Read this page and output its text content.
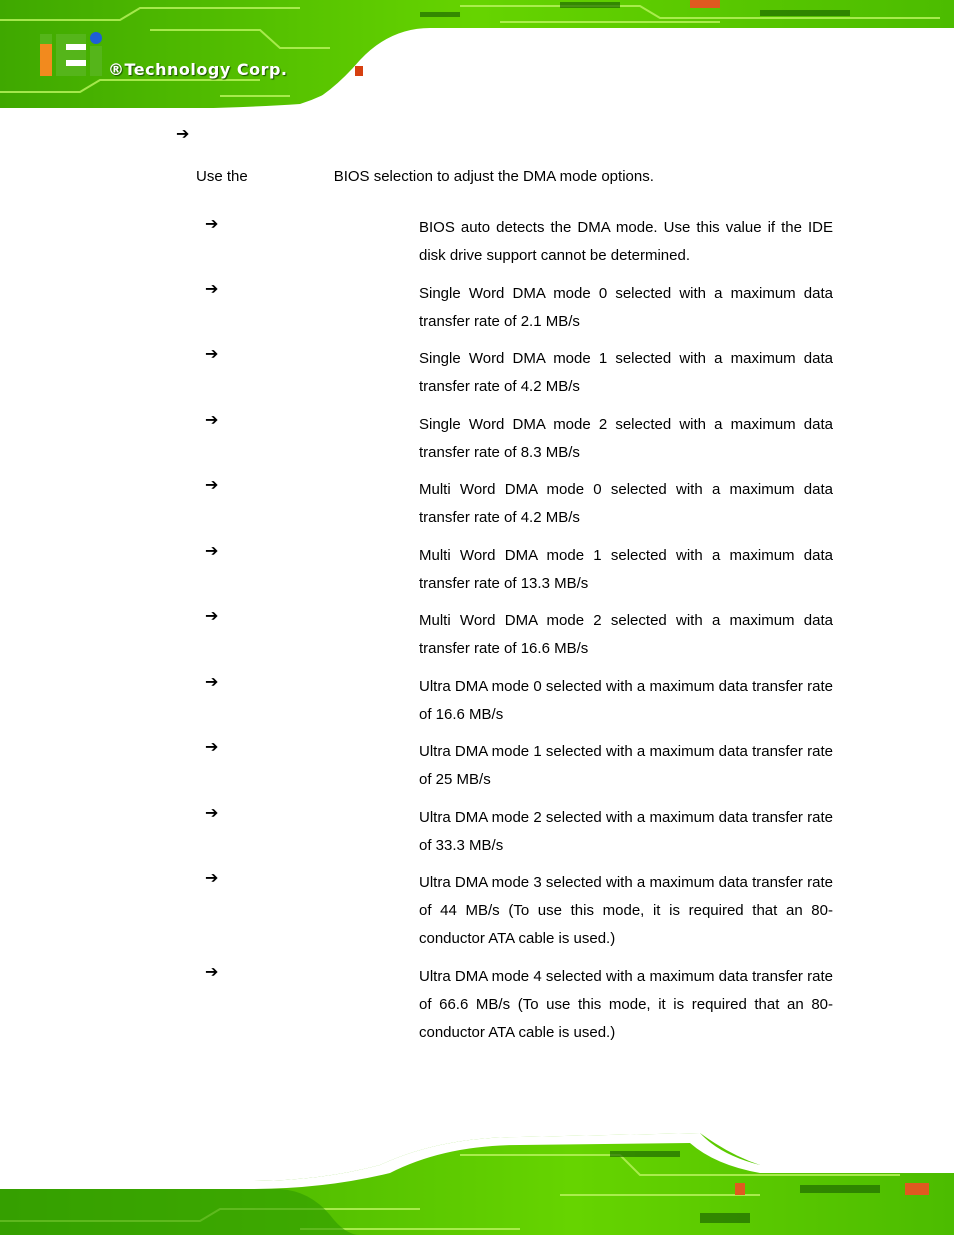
®Technology Corp.
➔
Use the	BIOS selection to adjust the DMA mode options.
➔	BIOS auto detects the DMA mode. Use this value if the IDE disk drive support cannot be determined.
➔	Single Word DMA mode 0 selected with a maximum data transfer rate of 2.1 MB/s
➔	Single Word DMA mode 1 selected with a maximum data transfer rate of 4.2 MB/s
➔	Single Word DMA mode 2 selected with a maximum data transfer rate of 8.3 MB/s
➔	Multi Word DMA mode 0 selected with a maximum data transfer rate of 4.2 MB/s
➔	Multi Word DMA mode 1 selected with a maximum data transfer rate of 13.3 MB/s
➔	Multi Word DMA mode 2 selected with a maximum data transfer rate of 16.6 MB/s
➔	Ultra DMA mode 0 selected with a maximum data transfer rate of 16.6 MB/s
➔	Ultra DMA mode 1 selected with a maximum data transfer rate of 25 MB/s
➔	Ultra DMA mode 2 selected with a maximum data transfer rate of 33.3 MB/s
➔	Ultra DMA mode 3 selected with a maximum data transfer rate of 44 MB/s (To use this mode, it is required that an 80-conductor ATA cable is used.)
➔	Ultra DMA mode 4 selected with a maximum data transfer rate of 66.6 MB/s (To use this mode, it is required that an 80-conductor ATA cable is used.)
